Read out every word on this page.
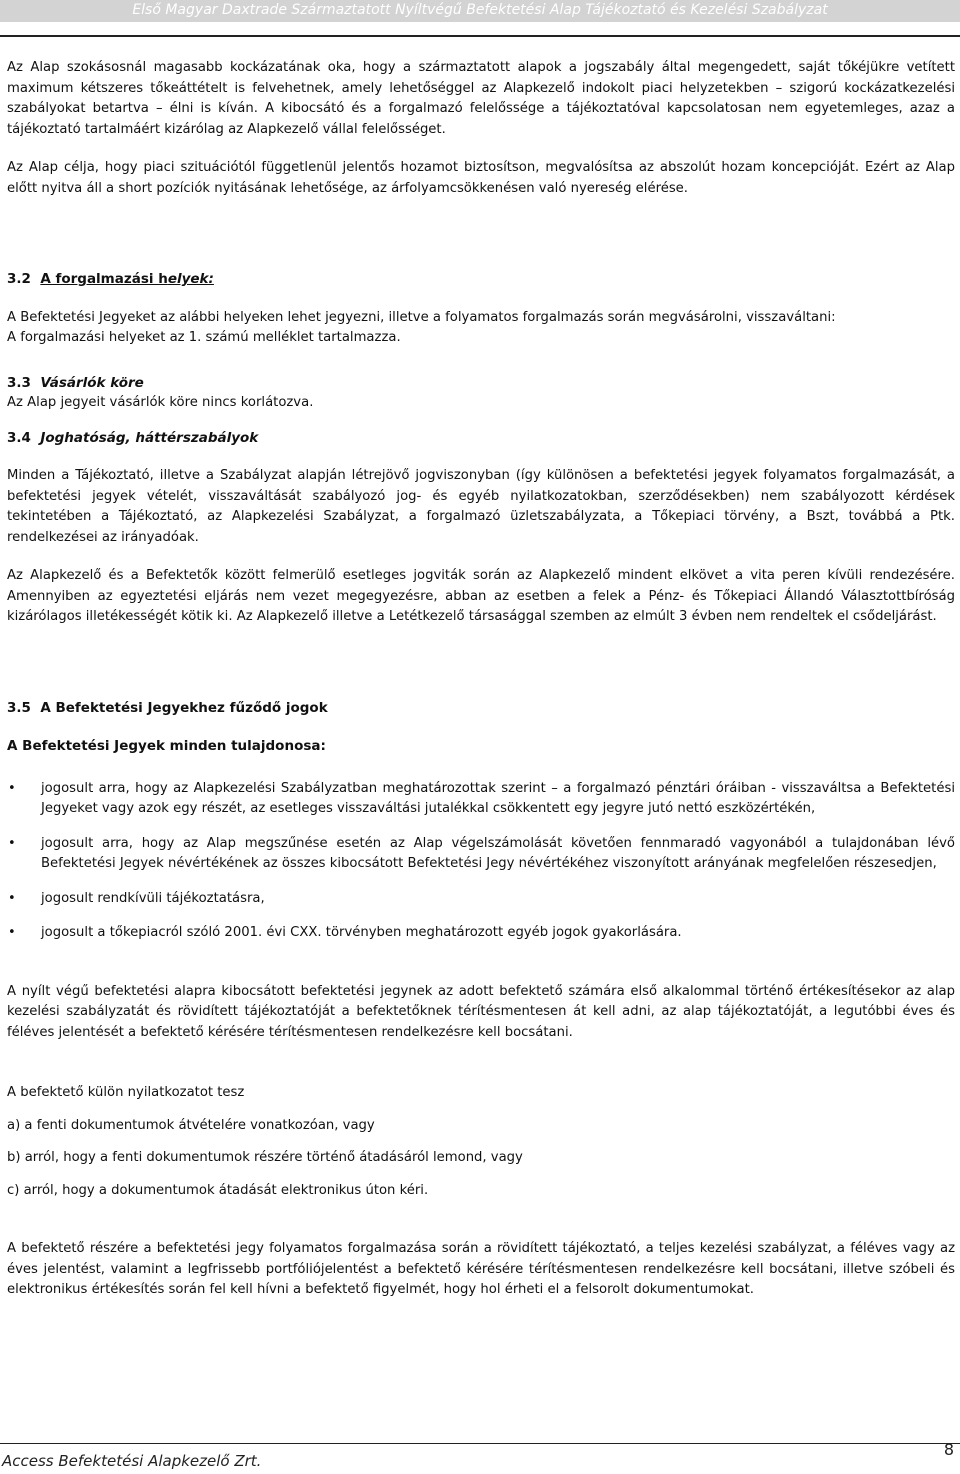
Első Magyar Daxtrade Származtatott Nyíltvégű Befektetési Alap Tájékoztató és Kezelési Szabályzat

Az Alap szokásosnál magasabb kockázatának oka, hogy a származtatott alapok a jogszabály által megengedett, saját tőkéjükre vetített maximum kétszeres tőkeáttételt is felvehetnek, amely lehetőséggel az Alapkezelő indokolt piaci helyzetekben – szigorú kockázatkezelési szabályokat betartva – élni is kíván. A kibocsátó és a forgalmazó felelőssége a tájékoztatóval kapcsolatosan nem egyetemleges, azaz a tájékoztató tartalmáért kizárólag az Alapkezelő vállal felelősséget.

Az Alap célja, hogy piaci szituációtól függetlenül jelentős hozamot biztosítson, megvalósítsa az abszolút hozam koncepcióját. Ezért az Alap előtt nyitva áll a short pozíciók nyitásának lehetősége, az árfolyamcsökkenésen való nyereség elérése.

3.2 A forgalmazási helyek:

A Befektetési Jegyeket az alábbi helyeken lehet jegyezni, illetve a folyamatos forgalmazás során megvásárolni, visszaváltani:

A forgalmazási helyeket az 1. számú melléklet tartalmazza.

3.3 Vásárlók köre

Az Alap jegyeit vásárlók köre nincs korlátozva.

3.4 Joghatóság, háttérszabályok

Minden a Tájékoztató, illetve a Szabályzat alapján létrejövő jogviszonyban (így különösen a befektetési jegyek folyamatos forgalmazását, a befektetési jegyek vételét, visszaváltását szabályozó jog- és egyéb nyilatkozatokban, szerződésekben) nem szabályozott kérdések tekintetében a Tájékoztató, az Alapkezelési Szabályzat, a forgalmazó üzletszabályzata, a Tőkepiaci törvény, a Bszt, továbbá a Ptk. rendelkezései az irányadóak.

Az Alapkezelő és a Befektetők között felmerülő esetleges jogviták során az Alapkezelő mindent elkövet a vita peren kívüli rendezésére. Amennyiben az egyeztetési eljárás nem vezet megegyezésre, abban az esetben a felek a Pénz- és Tőkepiaci Állandó Választottbíróság kizárólagos illetékességét kötik ki. Az Alapkezelő illetve a Letétkezelő társasággal szemben az elmúlt 3 évben nem rendeltek el csődeljárást.

3.5 A Befektetési Jegyekhez fűződő jogok

A Befektetési Jegyek minden tulajdonosa:

• jogosult arra, hogy az Alapkezelési Szabályzatban meghatározottak szerint – a forgalmazó pénztári óráiban - visszaváltsa a Befektetési Jegyeket vagy azok egy részét, az esetleges visszaváltási jutalékkal csökkentett egy jegyre jutó nettó eszközértékén,
• jogosult arra, hogy az Alap megszűnése esetén az Alap végelszámolását követően fennmaradó vagyonából a tulajdonában lévő Befektetési Jegyek névértékének az összes kibocsátott Befektetési Jegy névértékéhez viszonyított arányának megfelelően részesedjen,
• jogosult rendkívüli tájékoztatásra,
• jogosult a tőkepiacról szóló 2001. évi CXX. törvényben meghatározott egyéb jogok gyakorlására.

A nyílt végű befektetési alapra kibocsátott befektetési jegynek az adott befektető számára első alkalommal történő értékesítésekor az alap kezelési szabályzatát és rövidített tájékoztatóját a befektetőknek térítésmentesen át kell adni, az alap tájékoztatóját, a legutóbbi éves és féléves jelentését a befektető kérésére térítésmentesen rendelkezésre kell bocsátani.

A befektető külön nyilatkozatot tesz

a) a fenti dokumentumok átvételére vonatkozóan, vagy

b) arról, hogy a fenti dokumentumok részére történő átadásáról lemond, vagy

c) arról, hogy a dokumentumok átadását elektronikus úton kéri.

A befektető részére a befektetési jegy folyamatos forgalmazása során a rövidített tájékoztató, a teljes kezelési szabályzat, a féléves vagy az éves jelentést, valamint a legfrissebb portfóliójelentést a befektető kérésére térítésmentesen rendelkezésre kell bocsátani, illetve szóbeli és elektronikus értékesítés során fel kell hívni a befektető figyelmét, hogy hol érheti el a felsorolt dokumentumokat.

Access Befektetési Alapkezelő Zrt.
8
